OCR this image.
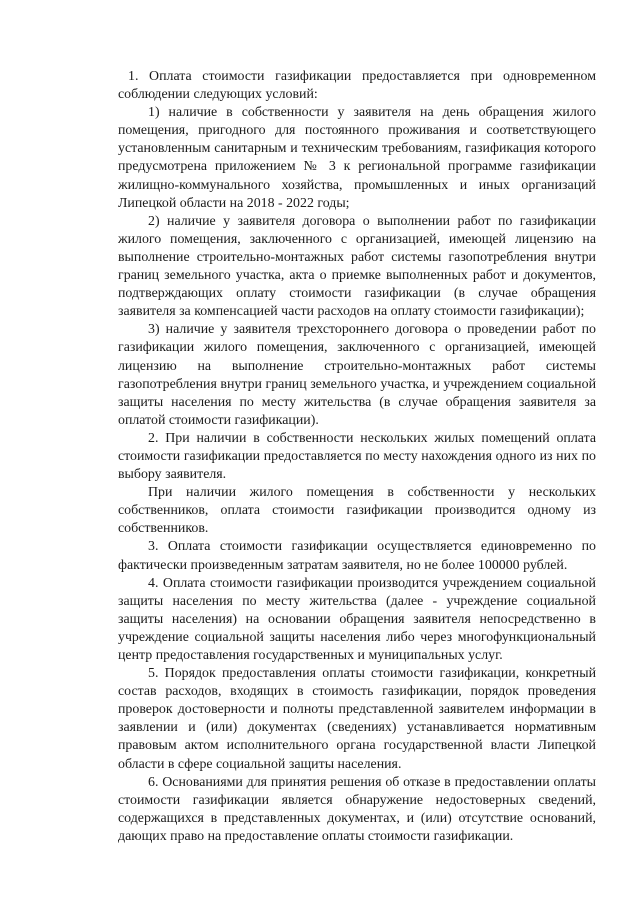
1. Оплата стоимости газификации предоставляется при одновременном соблюдении следующих условий:

1) наличие в собственности у заявителя на день обращения жилого помещения, пригодного для постоянного проживания и соответствующего установленным санитарным и техническим требованиям, газификация которого предусмотрена приложением № 3 к региональной программе газификации жилищно-коммунального хозяйства, промышленных и иных организаций Липецкой области на 2018 - 2022 годы;

2) наличие у заявителя договора о выполнении работ по газификации жилого помещения, заключенного с организацией, имеющей лицензию на выполнение строительно-монтажных работ системы газопотребления внутри границ земельного участка, акта о приемке выполненных работ и документов, подтверждающих оплату стоимости газификации (в случае обращения заявителя за компенсацией части расходов на оплату стоимости газификации);

3) наличие у заявителя трехстороннего договора о проведении работ по газификации жилого помещения, заключенного с организацией, имеющей лицензию на выполнение строительно-монтажных работ системы газопотребления внутри границ земельного участка, и учреждением социальной защиты населения по месту жительства (в случае обращения заявителя за оплатой стоимости газификации).

2. При наличии в собственности нескольких жилых помещений оплата стоимости газификации предоставляется по месту нахождения одного из них по выбору заявителя.

При наличии жилого помещения в собственности у нескольких собственников, оплата стоимости газификации производится одному из собственников.

3. Оплата стоимости газификации осуществляется единовременно по фактически произведенным затратам заявителя, но не более 100000 рублей.

4. Оплата стоимости газификации производится учреждением социальной защиты населения по месту жительства (далее - учреждение социальной защиты населения) на основании обращения заявителя непосредственно в учреждение социальной защиты населения либо через многофункциональный центр предоставления государственных и муниципальных услуг.

5. Порядок предоставления оплаты стоимости газификации, конкретный состав расходов, входящих в стоимость газификации, порядок проведения проверок достоверности и полноты представленной заявителем информации в заявлении и (или) документах (сведениях) устанавливается нормативным правовым актом исполнительного органа государственной власти Липецкой области в сфере социальной защиты населения.

6. Основаниями для принятия решения об отказе в предоставлении оплаты стоимости газификации является обнаружение недостоверных сведений, содержащихся в представленных документах, и (или) отсутствие оснований, дающих право на предоставление оплаты стоимости газификации.
